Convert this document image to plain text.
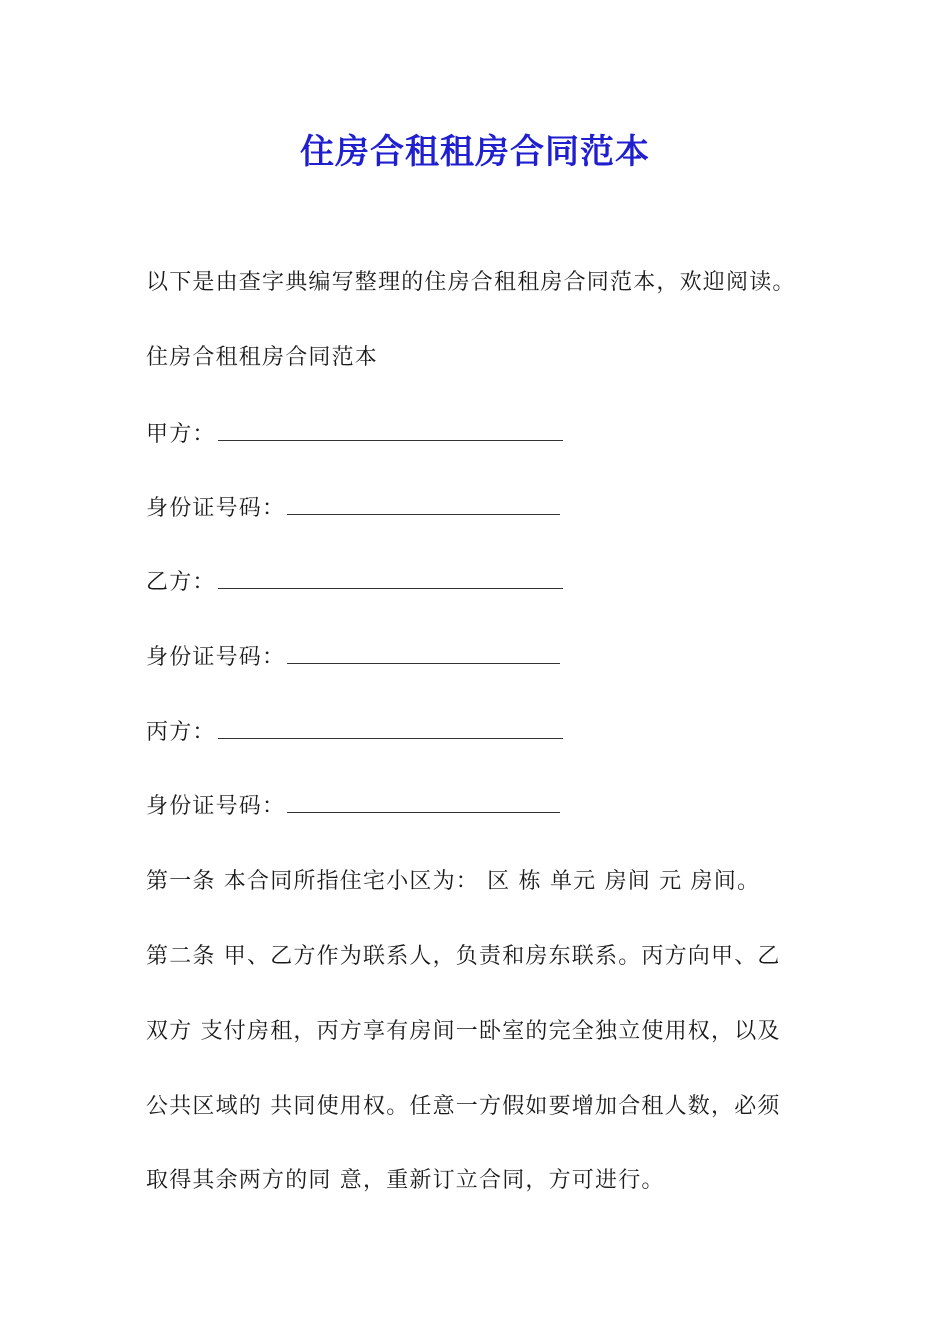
住房合租租房合同范本
以下是由查字典编写整理的住房合租租房合同范本，欢迎阅读。
住房合租租房合同范本
甲方：
身份证号码：
乙方：
身份证号码：
丙方：
身份证号码：
第一条 本合同所指住宅小区为： 区 栋 单元 房间 元 房间。
第二条 甲、乙方作为联系人，负责和房东联系。丙方向甲、乙
双方 支付房租，丙方享有房间一卧室的完全独立使用权，以及
公共区域的 共同使用权。任意一方假如要增加合租人数，必须
取得其余两方的同 意，重新订立合同，方可进行。
